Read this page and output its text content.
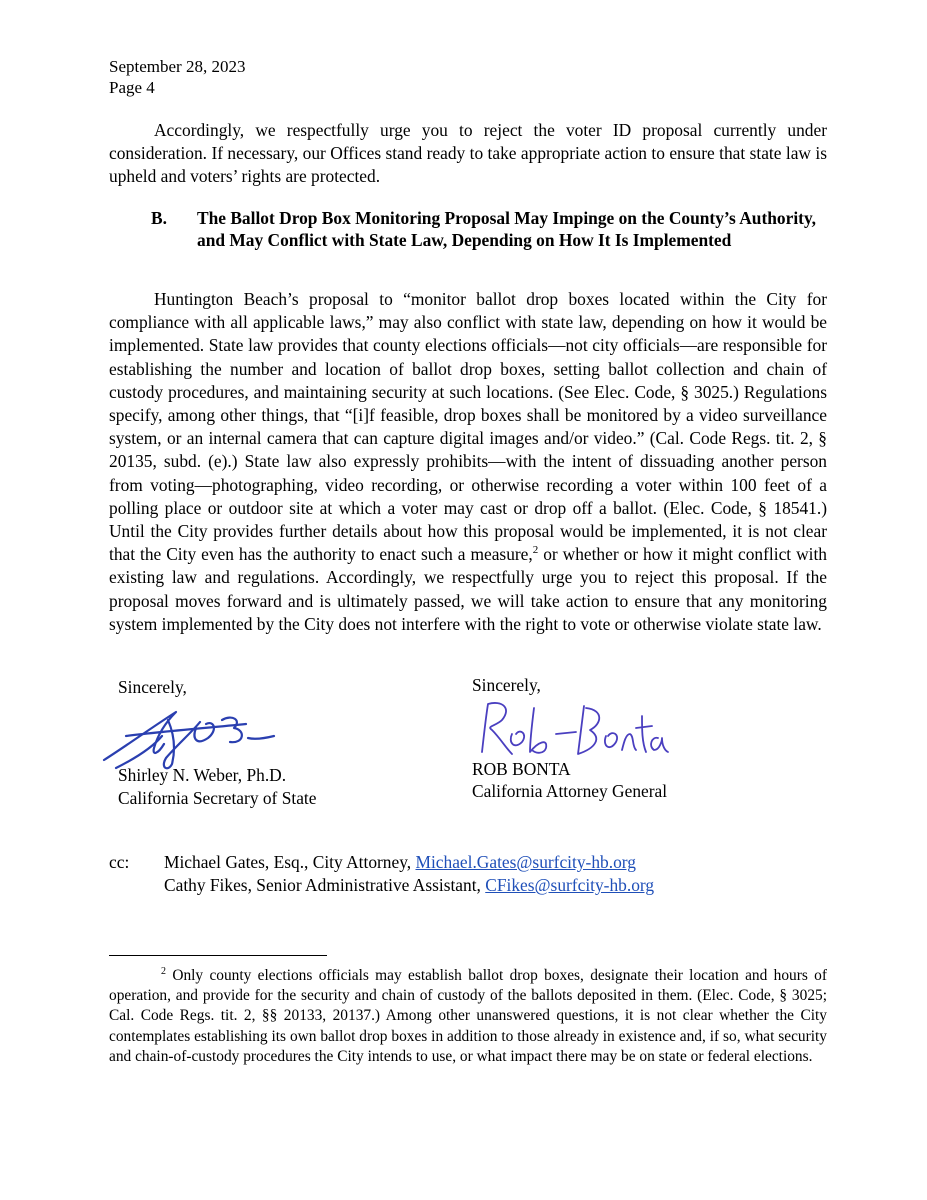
September 28, 2023
Page 4
Accordingly, we respectfully urge you to reject the voter ID proposal currently under consideration. If necessary, our Offices stand ready to take appropriate action to ensure that state law is upheld and voters’ rights are protected.
B. The Ballot Drop Box Monitoring Proposal May Impinge on the County’s Authority, and May Conflict with State Law, Depending on How It Is Implemented
Huntington Beach’s proposal to “monitor ballot drop boxes located within the City for compliance with all applicable laws,” may also conflict with state law, depending on how it would be implemented. State law provides that county elections officials—not city officials—are responsible for establishing the number and location of ballot drop boxes, setting ballot collection and chain of custody procedures, and maintaining security at such locations. (See Elec. Code, § 3025.) Regulations specify, among other things, that “[i]f feasible, drop boxes shall be monitored by a video surveillance system, or an internal camera that can capture digital images and/or video.” (Cal. Code Regs. tit. 2, § 20135, subd. (e).) State law also expressly prohibits—with the intent of dissuading another person from voting—photographing, video recording, or otherwise recording a voter within 100 feet of a polling place or outdoor site at which a voter may cast or drop off a ballot. (Elec. Code, § 18541.) Until the City provides further details about how this proposal would be implemented, it is not clear that the City even has the authority to enact such a measure,$^2$ or whether or how it might conflict with existing law and regulations. Accordingly, we respectfully urge you to reject this proposal. If the proposal moves forward and is ultimately passed, we will take action to ensure that any monitoring system implemented by the City does not interfere with the right to vote or otherwise violate state law.
Sincerely,
Shirley N. Weber, Ph.D.
California Secretary of State
Sincerely,
ROB BONTA
California Attorney General
cc: Michael Gates, Esq., City Attorney, Michael.Gates@surfcity-hb.org
Cathy Fikes, Senior Administrative Assistant, CFikes@surfcity-hb.org
$^2$ Only county elections officials may establish ballot drop boxes, designate their location and hours of operation, and provide for the security and chain of custody of the ballots deposited in them. (Elec. Code, § 3025; Cal. Code Regs. tit. 2, §§ 20133, 20137.) Among other unanswered questions, it is not clear whether the City contemplates establishing its own ballot drop boxes in addition to those already in existence and, if so, what security and chain-of-custody procedures the City intends to use, or what impact there may be on state or federal elections.
